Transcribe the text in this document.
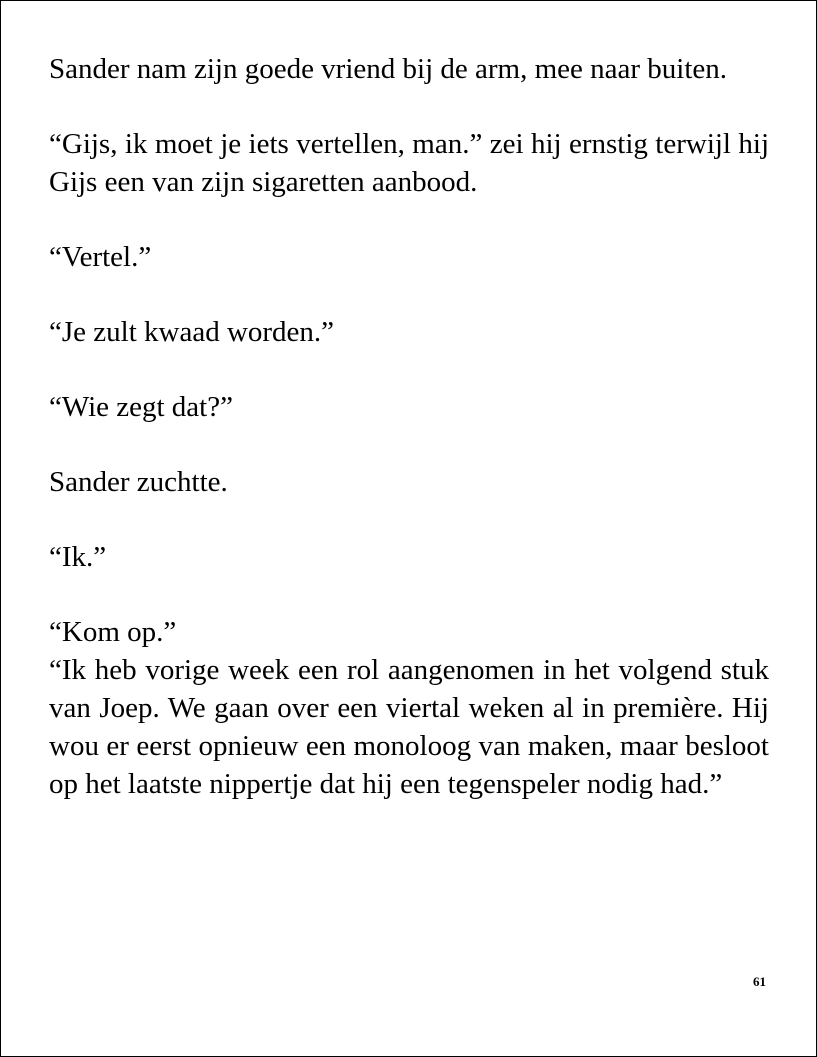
Sander nam zijn goede vriend bij de arm, mee naar buiten.

“Gijs, ik moet je iets vertellen, man.” zei hij ernstig terwijl hij Gijs een van zijn sigaretten aanbood.

“Vertel.”

“Je zult kwaad worden.”

“Wie zegt dat?”

Sander zuchtte.

“Ik.”

“Kom op.”

“Ik heb vorige week een rol aangenomen in het volgend stuk van Joep. We gaan over een viertal weken al in première. Hij wou er eerst opnieuw een monoloog van maken, maar besloot op het laatste nippertje dat hij een tegenspeler nodig had.”

61
